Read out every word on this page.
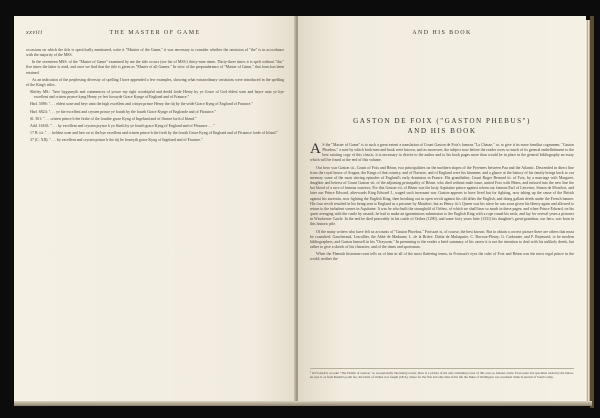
xxviii	THE MASTER OF GAME

occasions on which the title is specifically mentioned, write it "Maister of the Game," it was necessary to consider whether the omission of "the" is in accordance with the majority of the MSS.

In the seventeen MSS. of the "Master of Game" examined by me the title occurs (see list of MSS.) thirty-nine times. Thirty-three times it is spelt without "the," five times the latter is used, and once we find that the title is given as "Master of all Games." In view of the preponderance of "Master of Game," that form has been retained.

As an indication of the perplexing diversity of spelling I have appended a few examples, showing what extraordinary variations were introduced in the spelling of the King's titles.

Shirley MS.: "here bygynnyth and commences of yowre my right worshipful and dredd lorde Henry by ye Grace of God eldest sone and hayre unto ye hye excellent and cristen prynce kyng Henry ye fert forsayde Grace Kynge of Englond and of Fraunce."

Harl. 5086: ". . . eldest sone and heyr unto the high excellent and cristyn prince Henry the iiij by the seide Grace Kyng of Englond of Fraunce."

Harl. 6824: ". . . ye hie excellent and crysten prince ye fourth by the fourth Grace Kynge of Englonde and of Ffraunce."

Sl. 561: ". . . cristen prince h the firthe of the fourthe grace Kyng of Ingeland and of ffrance lord of Irland."

Add. 16165: ". . . by excellent and crysten prynce h ye ffurth by ye fourth grace Kyng of Englond and of Ffraunce . . ."

17 B. iii: ". . . heldest sone and heir on to the hye excellent and cristen prince h the forth by the fourth Grace Kyng of Englond and of Ffraunce lorde of Irlond."

37 (C. XII): ". . . by excellent and crysten prince h the iiij be foureyth grace Kyng of Ingeland and of Fraunce."

AND HIS BOOK
GASTON DE FOIX ("GASTON PHEBUS")
AND HIS BOOK

A S the "Master of Game" is to such a great extent a translation of Count Gaston de Foix's famous "La Chasse," or, to give it its more familiar cognomen, "Gaston Phoebus," a note by which both men and book were known, and as moreover, the subject now before the reader owes so much of its general embellishment to the best existing copy of this classic, it is necessary to devote to the author and to his book pages more than would be in place in the general bibliography an essay which will be found at the end of this volume.

Our hero was Gaston iii., Count of Foix and Béarn, two principalities on the northern slopes of the Pyrenees between Pau and the Atlantic. Descended in direct line from the royal house of Aragon, the Kings of that country, and of Navarre, and of England were his kinsmen; and a glance at the history of his family brings back to our memory some of the most stirring episodes of England's early dominion in France. His grandfather, Count Roger Bernard iii. of Foix, by a marriage with Margaret, daughter and heiress of Count Gaston vii. of the adjoining principality of Béarn, who died without male issue, united Foix with Béarn, and infused into the new line the hot blood of a race of famous warriors. For this Gaston vii. of Béarn was the lusty Aquitaine prince against whom our famous Earl of Leicester, Simon de Montfort, and later our Prince Edward, afterwards King Edward I., waged such incessant war. Gaston appears to have lived but for fighting, now taking up the cause of the British against his suzerain, now fighting the English King, then breaking out in open revolt against his old allies the English, and doing gallant deeds under the French banner. His four revolt resulted in his being sent to England as a prisoner by Montfort, but as Henry iii.'s Queen was his niece he was soon given his liberty again and allowed to return to the turbulent scenes in Aquitaine. It was he who built the stronghold of Orthez, of which we shall hear so much in these pages; and when Prince Edward, on his quest avenging with the castle by assault, he had to make an ignominious submission to the English King with a rope round his neck, and lay for several years a prisoner in Winchester Castle. In the end he died peaceably in his castle of Orthez (1290), and some forty years later (1331) his daughter's great-grandson, our hero, was born in this historic pile.

Of the many writers who have left us accounts of "Gaston Phoebus," Froissart is, of course, the best known. But to obtain a correct picture there are others that must be consulted: Gaucheraud, Lescallier, the Abbé de Madaune, L. de la Brière, Dubia de Malaspaire, C. Bavoux-Fleury, G. Carbonier, and P. Raymond, to be modern bibliographers, and Gaston himself in his "Oraysons." In presenting to the reader a brief summary of his career it is not the intention to deal with his unlikely deeds, but rather to give a sketch of his character, and of the times and sportsman.

When the Flemish historian-court tells us of him in all of the most flattering terms, in Froissart's eyes the ruler of Foix and Béarn was the most regal prince in the world; neither the

¹ In Froissart's account "The Family of Gaston," so exceptionally interesting works, there is a picture of the only remaining tower of this once so famous castle. Even quite late specimen added by the mirror, he says it, as from Ruskin's point not, the battle of Orthez was fought (1814), where for the first and only time in his life the Duke of Wellington was wounded while in pursuit of Soult's army.
